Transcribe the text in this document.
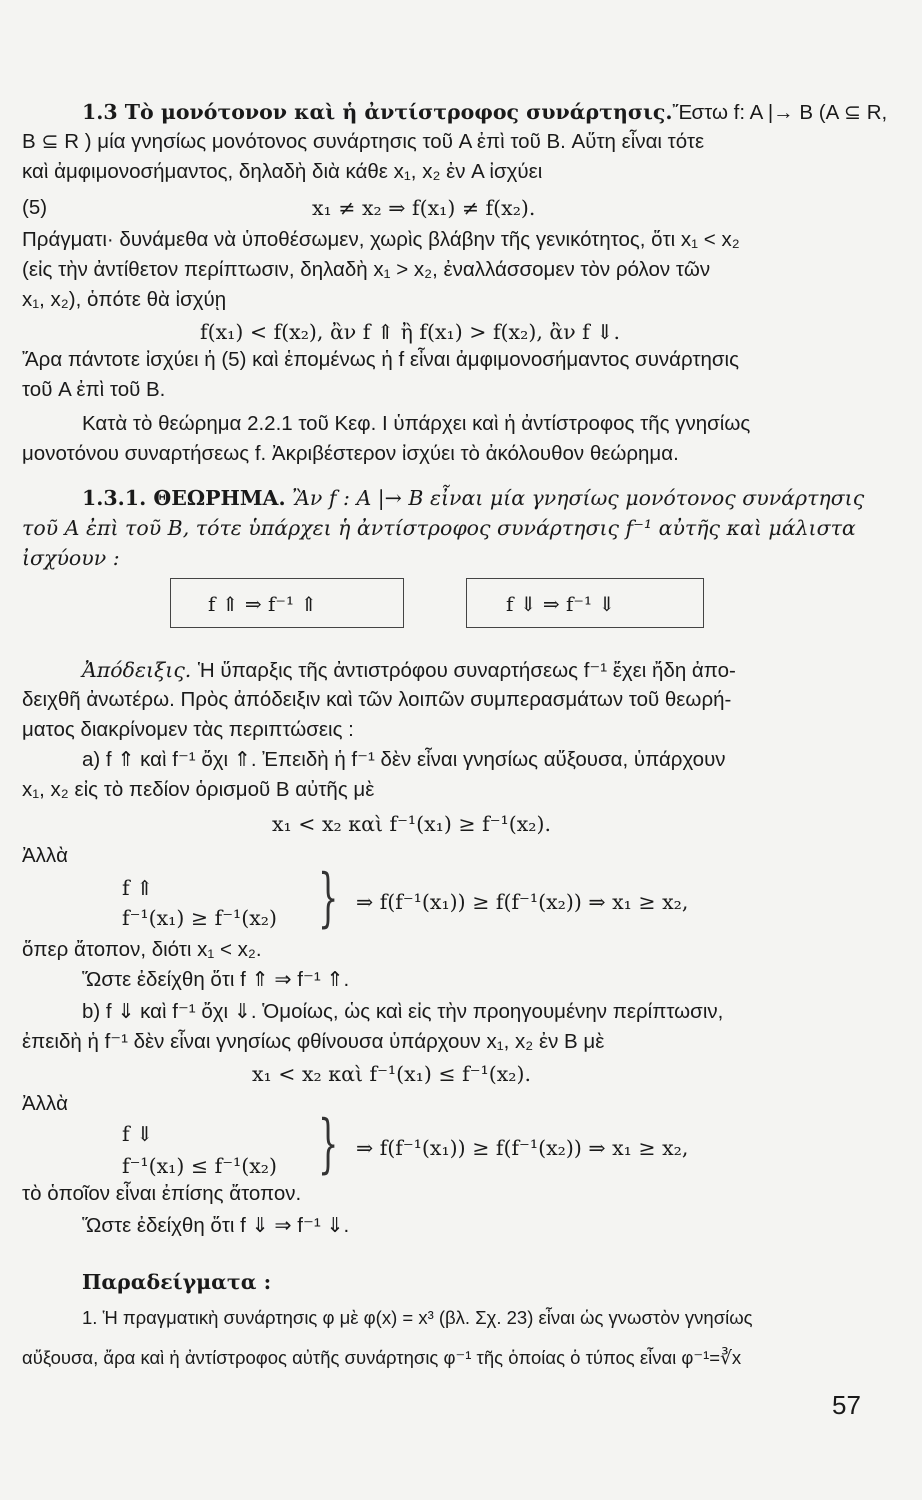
1.3 Τὸ μονότονον καὶ ἡ ἀντίστροφος συνάρτησις.Ἔστω f: A |→ B (A ⊆ R,
B ⊆ R ) μία γνησίως μονότονος συνάρτησις τοῦ A ἐπὶ τοῦ B. Αὕτη εἶναι τότε
καὶ ἀμφιμονοσήμαντος, δηλαδὴ διὰ κάθε x₁, x₂ ἐν A ἰσχύει
(5)	x₁ ≠ x₂ ⇒ f(x₁) ≠ f(x₂).
Πράγματι· δυνάμεθα νὰ ὑποθέσωμεν, χωρὶς βλάβην τῆς γενικότητος, ὅτι x₁ < x₂
(εἰς τὴν ἀντίθετον περίπτωσιν, δηλαδὴ x₁ > x₂, ἐναλλάσσομεν τὸν ρόλον τῶν
x₁, x₂), ὁπότε θὰ ἰσχύῃ
f(x₁) < f(x₂), ἂν f ⇑ ἢ f(x₁) > f(x₂), ἂν f ⇓.
Ἄρα πάντοτε ἰσχύει ἡ (5) καὶ ἑπομένως ἡ f εἶναι ἀμφιμονοσήμαντος συνάρτησις
τοῦ A ἐπὶ τοῦ B.
Κατὰ τὸ θεώρημα 2.2.1 τοῦ Κεφ. I ὑπάρχει καὶ ἡ ἀντίστροφος τῆς γνησίως
μονοτόνου συναρτήσεως f. Ἀκριβέστερον ἰσχύει τὸ ἀκόλουθον θεώρημα.
1.3.1. ΘΕΩΡΗΜΑ. Ἂν f : A |→ B εἶναι μία γνησίως μονότονος συνάρτησις
τοῦ A ἐπὶ τοῦ B, τότε ὑπάρχει ἡ ἀντίστροφος συνάρτησις f⁻¹ αὐτῆς καὶ μάλιστα
ἰσχύουν :
f ⇑ ⇒ f⁻¹ ⇑	f ⇓ ⇒ f⁻¹ ⇓
Ἀπόδειξις. Ἡ ὕπαρξις τῆς ἀντιστρόφου συναρτήσεως f⁻¹ ἔχει ἤδη ἀπο-
δειχθῆ ἀνωτέρω. Πρὸς ἀπόδειξιν καὶ τῶν λοιπῶν συμπερασμάτων τοῦ θεωρή-
ματος διακρίνομεν τὰς περιπτώσεις :
a) f ⇑ καὶ f⁻¹ ὄχι ⇑. Ἐπειδὴ ἡ f⁻¹ δὲν εἶναι γνησίως αὔξουσα, ὑπάρχουν
x₁, x₂ εἰς τὸ πεδίον ὁρισμοῦ B αὐτῆς μὲ
x₁ < x₂ καὶ f⁻¹(x₁) ≥ f⁻¹(x₂).
Ἀλλὰ
f ⇑
f⁻¹(x₁) ≥ f⁻¹(x₂) } ⇒ f(f⁻¹(x₁)) ≥ f(f⁻¹(x₂)) ⇒ x₁ ≥ x₂,
ὅπερ ἄτοπον, διότι x₁ < x₂.
Ὥστε ἐδείχθη ὅτι f ⇑ ⇒ f⁻¹ ⇑.
b) f ⇓ καὶ f⁻¹ ὄχι ⇓. Ὁμοίως, ὡς καὶ εἰς τὴν προηγουμένην περίπτωσιν,
ἐπειδὴ ἡ f⁻¹ δὲν εἶναι γνησίως φθίνουσα ὑπάρχουν x₁, x₂ ἐν B μὲ
x₁ < x₂ καὶ f⁻¹(x₁) ≤ f⁻¹(x₂).
Ἀλλὰ
f ⇓
f⁻¹(x₁) ≤ f⁻¹(x₂) } ⇒ f(f⁻¹(x₁)) ≥ f(f⁻¹(x₂)) ⇒ x₁ ≥ x₂,
τὸ ὁποῖον εἶναι ἐπίσης ἄτοπον.
Ὥστε ἐδείχθη ὅτι f ⇓ ⇒ f⁻¹ ⇓.
Παραδείγματα :
1. Ἡ πραγματικὴ συνάρτησις φ μὲ φ(x) = x³ (βλ. Σχ. 23) εἶναι ὡς γνωστὸν γνησίως
αὔξουσα, ἄρα καὶ ἡ ἀντίστροφος αὐτῆς συνάρτησις φ⁻¹ τῆς ὁποίας ὁ τύπος εἶναι φ⁻¹=∛x
57
